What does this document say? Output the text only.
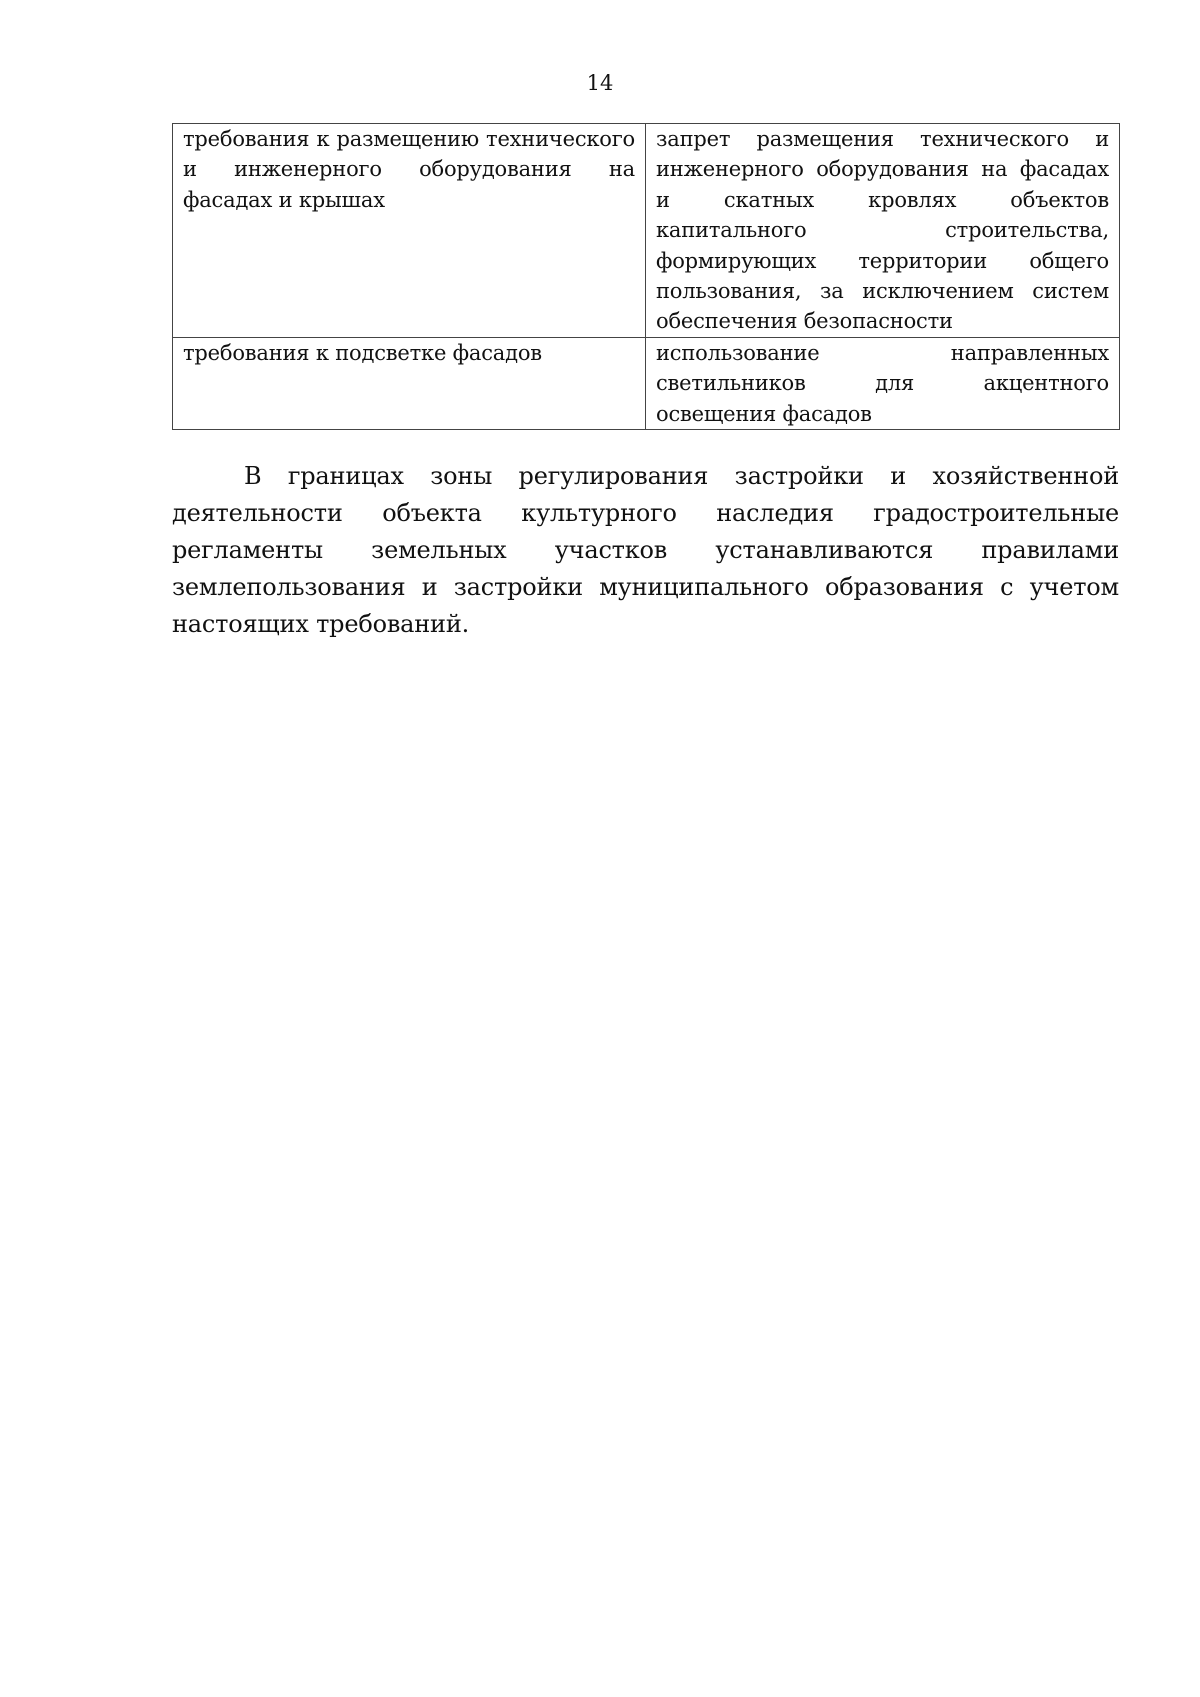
14
требования к размещению технического и инженерного оборудования на фасадах и крышах	запрет размещения технического и инженерного оборудования на фасадах и скатных кровлях объектов капитального строительства, формирующих территории общего пользования, за исключением систем обеспечения безопасности
требования к подсветке фасадов	использование направленных светильников для акцентного освещения фасадов

В границах зоны регулирования застройки и хозяйственной деятельности объекта культурного наследия градостроительные регламенты земельных участков устанавливаются правилами землепользования и застройки муниципального образования с учетом настоящих требований.
